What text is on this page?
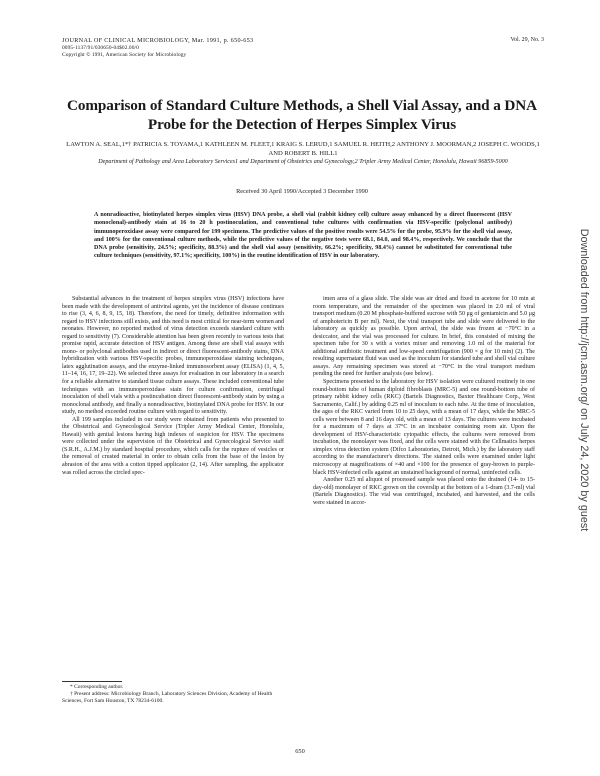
JOURNAL OF CLINICAL MICROBIOLOGY, Mar. 1991, p. 650-653
0095-1137/91/030650-04$02.00/0
Copyright © 1991, American Society for Microbiology
Vol. 29, No. 3
Comparison of Standard Culture Methods, a Shell Vial Assay, and a DNA Probe for the Detection of Herpes Simplex Virus
LAWTON A. SEAL,1*† PATRICIA S. TOYAMA,1 KATHLEEN M. FLEET,1 KRAIG S. LERUD,1 SAMUEL R. HEITH,2 ANTHONY J. MOORMAN,2 JOSEPH C. WOODS,1 AND ROBERT B. HILL1
Department of Pathology and Area Laboratory Services1 and Department of Obstetrics and Gynecology,2 Tripler Army Medical Center, Honolulu, Hawaii 96859-5000
Received 30 April 1990/Accepted 3 December 1990
A nonradioactive, biotinylated herpes simplex virus (HSV) DNA probe, a shell vial (rabbit kidney cell) culture assay enhanced by a direct fluorescent (HSV monoclonal)-antibody stain at 16 to 20 h postinoculation, and conventional tube cultures with confirmation via HSV-specific (polyclonal antibody) immunoperoxidase assay were compared for 199 specimens. The predictive values of the positive results were 54.5% for the probe, 95.9% for the shell vial assay, and 100% for the conventional culture methods, while the predictive values of the negative tests were 68.1, 84.0, and 98.4%, respectively. We conclude that the DNA probe (sensitivity, 24.5%; specificity, 88.3%) and the shell vial assay (sensitivity, 66.2%; specificity, 98.4%) cannot be substituted for conventional tube culture techniques (sensitivity, 97.1%; specificity, 100%) in the routine identification of HSV in our laboratory.

Substantial advances in the treatment of herpes simplex virus (HSV) infections have been made with the development of antiviral agents, yet the incidence of disease continues to rise (3, 4, 6, 8, 9, 15, 18). Therefore, the need for timely, definitive information with regard to HSV infections still exists, and this need is most critical for near-term women and neonates. However, no reported method of virus detection exceeds standard culture with regard to sensitivity (7). Considerable attention has been given recently to various tests that promise rapid, accurate detection of HSV antigen. Among these are shell vial assays with mono- or polyclonal antibodies used in indirect or direct fluorescent-antibody stains, DNA hybridization with various HSV-specific probes, immunoperoxidase staining techniques, latex agglutination assays, and the enzyme-linked immunosorbent assay (ELISA) (1, 4, 5, 11–14, 16, 17, 19–22). We selected three assays for evaluation in our laboratory in a search for a reliable alternative to standard tissue culture assays. These included conventional tube techniques with an immunoperoxidase stain for culture confirmation, centrifugal inoculation of shell vials with a postincubation direct fluorescent-antibody stain by using a monoclonal antibody, and finally a nonradioactive, biotinylated DNA probe for HSV. In our study, no method exceeded routine culture with regard to sensitivity.

All 199 samples included in our study were obtained from patients who presented to the Obstetrical and Gynecological Service (Tripler Army Medical Center, Honolulu, Hawaii) with genital lesions having high indexes of suspicion for HSV. The specimens were collected under the supervision of the Obstetrical and Gynecological Service staff (S.R.H., A.J.M.) by standard hospital procedure, which calls for the rupture of vesicles or the removal of crusted material in order to obtain cells from the base of the lesion by abrasion of the area with a cotton tipped applicator (2, 14). After sampling, the applicator was rolled across the circled spec-

* Corresponding author.

† Present address: Microbiology Branch, Laboratory Sciences Division, Academy of Health Sciences, Fort Sam Houston, TX 78234-6100.

imen area of a glass slide. The slide was air dried and fixed in acetone for 10 min at room temperature, and the remainder of the specimen was placed in 2.0 ml of viral transport medium (0.20 M phosphate-buffered sucrose with 50 μg of gentamicin and 5.0 μg of amphotericin B per ml). Next, the viral transport tube and slide were delivered to the laboratory as quickly as possible. Upon arrival, the slide was frozen at −70°C in a desiccator, and the vial was processed for culture. In brief, this consisted of mixing the specimen tube for 30 s with a vortex mixer and removing 1.0 ml of the material for additional antibiotic treatment and low-speed centrifugation (900 × g for 10 min) (2). The resulting supernatant fluid was used as the inoculum for standard tube and shell vial culture assays. Any remaining specimen was stored at −70°C in the viral transport medium pending the need for further analysis (see below).

Specimens presented to the laboratory for HSV isolation were cultured routinely in one round-bottom tube of human diploid fibroblasts (MRC-5) and one round-bottom tube of primary rabbit kidney cells (RKC) (Bartels Diagnostics, Baxter Healthcare Corp., West Sacramento, Calif.) by adding 0.25 ml of inoculum to each tube. At the time of inoculation, the ages of the RKC varied from 10 to 25 days, with a mean of 17 days, while the MRC-5 cells were between 8 and 16 days old, with a mean of 13 days. The cultures were incubated for a maximum of 7 days at 37°C in an incubator containing room air. Upon the development of HSV-characteristic cytopathic effects, the cultures were removed from incubation, the monolayer was fixed, and the cells were stained with the Cellmatics herpes simplex virus detection system (Difco Laboratories, Detroit, Mich.) by the laboratory staff according to the manufacturer's directions. The stained cells were examined under light microscopy at magnifications of ×40 and ×100 for the presence of gray-brown to purple-black HSV-infected cells against an unstained background of normal, uninfected cells.

Another 0.25 ml aliquot of processed sample was placed onto the drained (14- to 15-day-old) monolayer of RKC grown on the coverslip at the bottom of a 1-dram (3.7-ml) vial (Bartels Diagnostics). The vial was centrifuged, incubated, and harvested, and the cells were stained in accor-

650
Downloaded from http://jcm.asm.org/ on July 24, 2020 by guest
